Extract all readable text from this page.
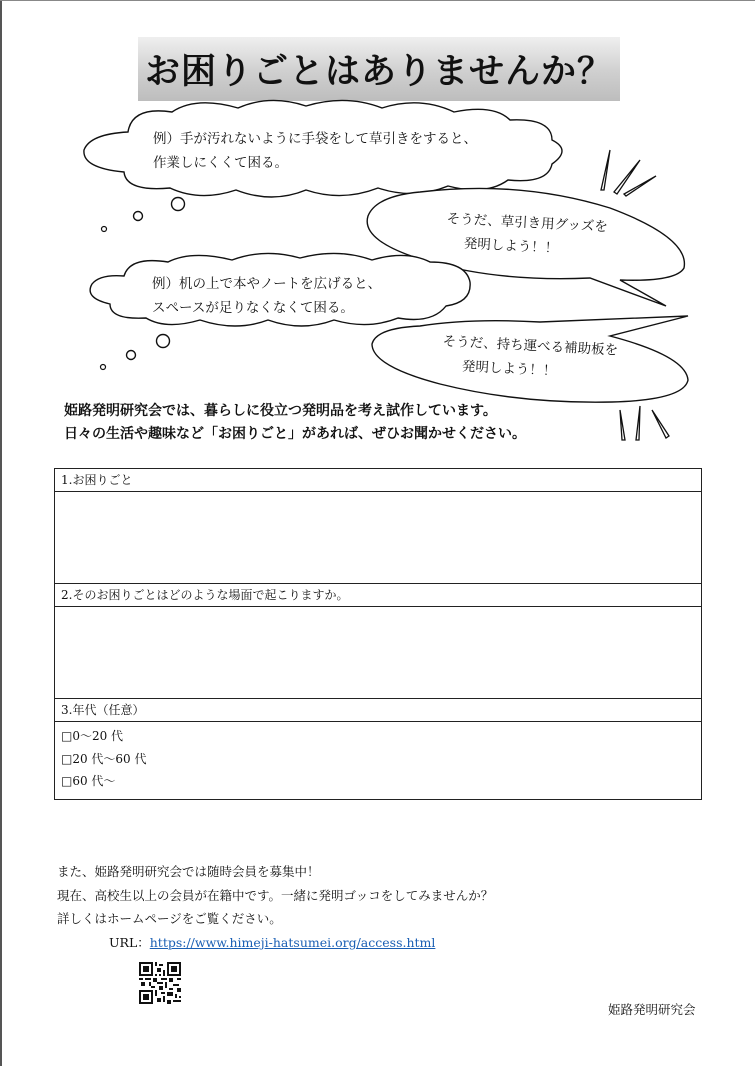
お困りごとはありませんか？
例）手が汚れないように手袋をして草引きをすると、
作業しにくくて困る。
そうだ、草引き用グッズを
発明しよう！！
例）机の上で本やノートを広げると、
スペースが足りなくなくて困る。
そうだ、持ち運べる補助板を
発明しよう！！
姫路発明研究会では、暮らしに役立つ発明品を考え試作しています。
日々の生活や趣味など「お困りごと」があれば、ぜひお聞かせください。
1.お困りごと
2.そのお困りごとはどのような場面で起こりますか。
3.年代（任意）
□0～20 代
□20 代～60 代
□60 代～
また、姫路発明研究会では随時会員を募集中！
現在、高校生以上の会員が在籍中です。一緒に発明ゴッコをしてみませんか？
詳しくはホームページをご覧ください。
URL：https://www.himeji-hatsumei.org/access.html
姫路発明研究会
